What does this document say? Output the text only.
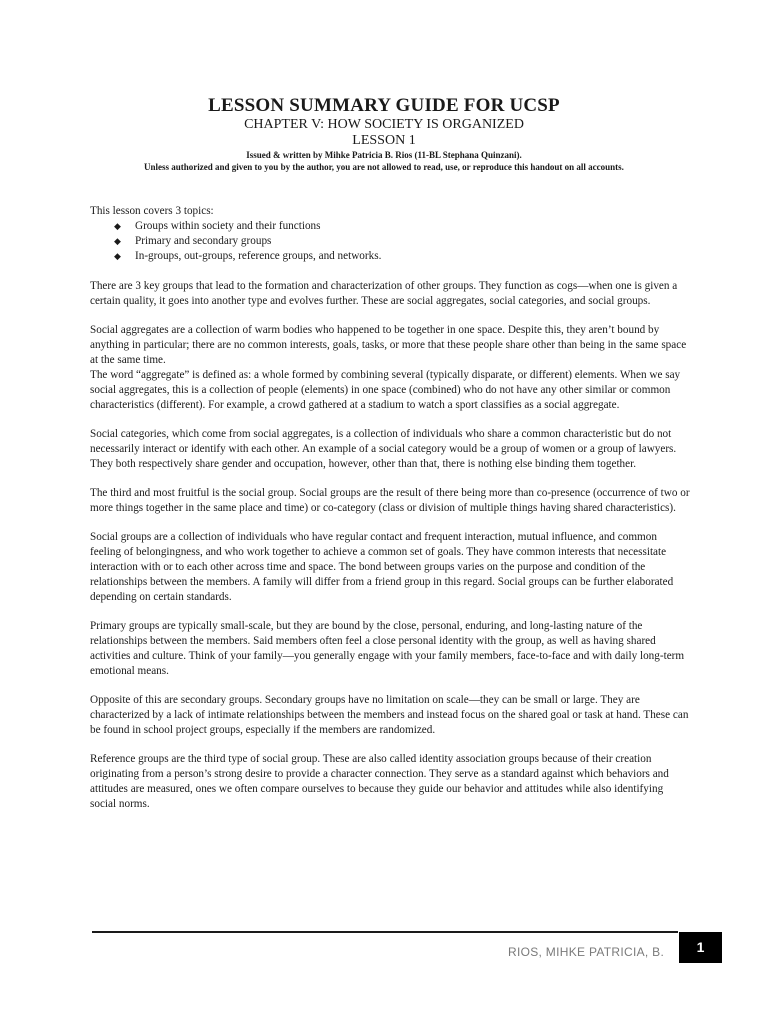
LESSON SUMMARY GUIDE FOR UCSP
CHAPTER V: HOW SOCIETY IS ORGANIZED
LESSON 1
Issued & written by Mihke Patricia B. Rios (11-BL Stephana Quinzani).
Unless authorized and given to you by the author, you are not allowed to read, use, or reproduce this handout on all accounts.
This lesson covers 3 topics:
◆ Groups within society and their functions
◆ Primary and secondary groups
◆ In-groups, out-groups, reference groups, and networks.

There are 3 key groups that lead to the formation and characterization of other groups. They function as cogs—when one is given a certain quality, it goes into another type and evolves further. These are social aggregates, social categories, and social groups.

Social aggregates are a collection of warm bodies who happened to be together in one space. Despite this, they aren’t bound by anything in particular; there are no common interests, goals, tasks, or more that these people share other than being in the same space at the same time.

The word “aggregate” is defined as: a whole formed by combining several (typically disparate, or different) elements. When we say social aggregates, this is a collection of people (elements) in one space (combined) who do not have any other similar or common characteristics (different). For example, a crowd gathered at a stadium to watch a sport classifies as a social aggregate.

Social categories, which come from social aggregates, is a collection of individuals who share a common characteristic but do not necessarily interact or identify with each other. An example of a social category would be a group of women or a group of lawyers. They both respectively share gender and occupation, however, other than that, there is nothing else binding them together.

The third and most fruitful is the social group. Social groups are the result of there being more than co-presence (occurrence of two or more things together in the same place and time) or co-category (class or division of multiple things having shared characteristics).

Social groups are a collection of individuals who have regular contact and frequent interaction, mutual influence, and common feeling of belongingness, and who work together to achieve a common set of goals. They have common interests that necessitate interaction with or to each other across time and space. The bond between groups varies on the purpose and condition of the relationships between the members. A family will differ from a friend group in this regard. Social groups can be further elaborated depending on certain standards.

Primary groups are typically small-scale, but they are bound by the close, personal, enduring, and long-lasting nature of the relationships between the members. Said members often feel a close personal identity with the group, as well as having shared activities and culture. Think of your family—you generally engage with your family members, face-to-face and with daily long-term emotional means.

Opposite of this are secondary groups. Secondary groups have no limitation on scale—they can be small or large. They are characterized by a lack of intimate relationships between the members and instead focus on the shared goal or task at hand. These can be found in school project groups, especially if the members are randomized.

Reference groups are the third type of social group. These are also called identity association groups because of their creation originating from a person’s strong desire to provide a character connection. They serve as a standard against which behaviors and attitudes are measured, ones we often compare ourselves to because they guide our behavior and attitudes while also identifying social norms.

RIOS, MIHKE PATRICIA, B.	1
